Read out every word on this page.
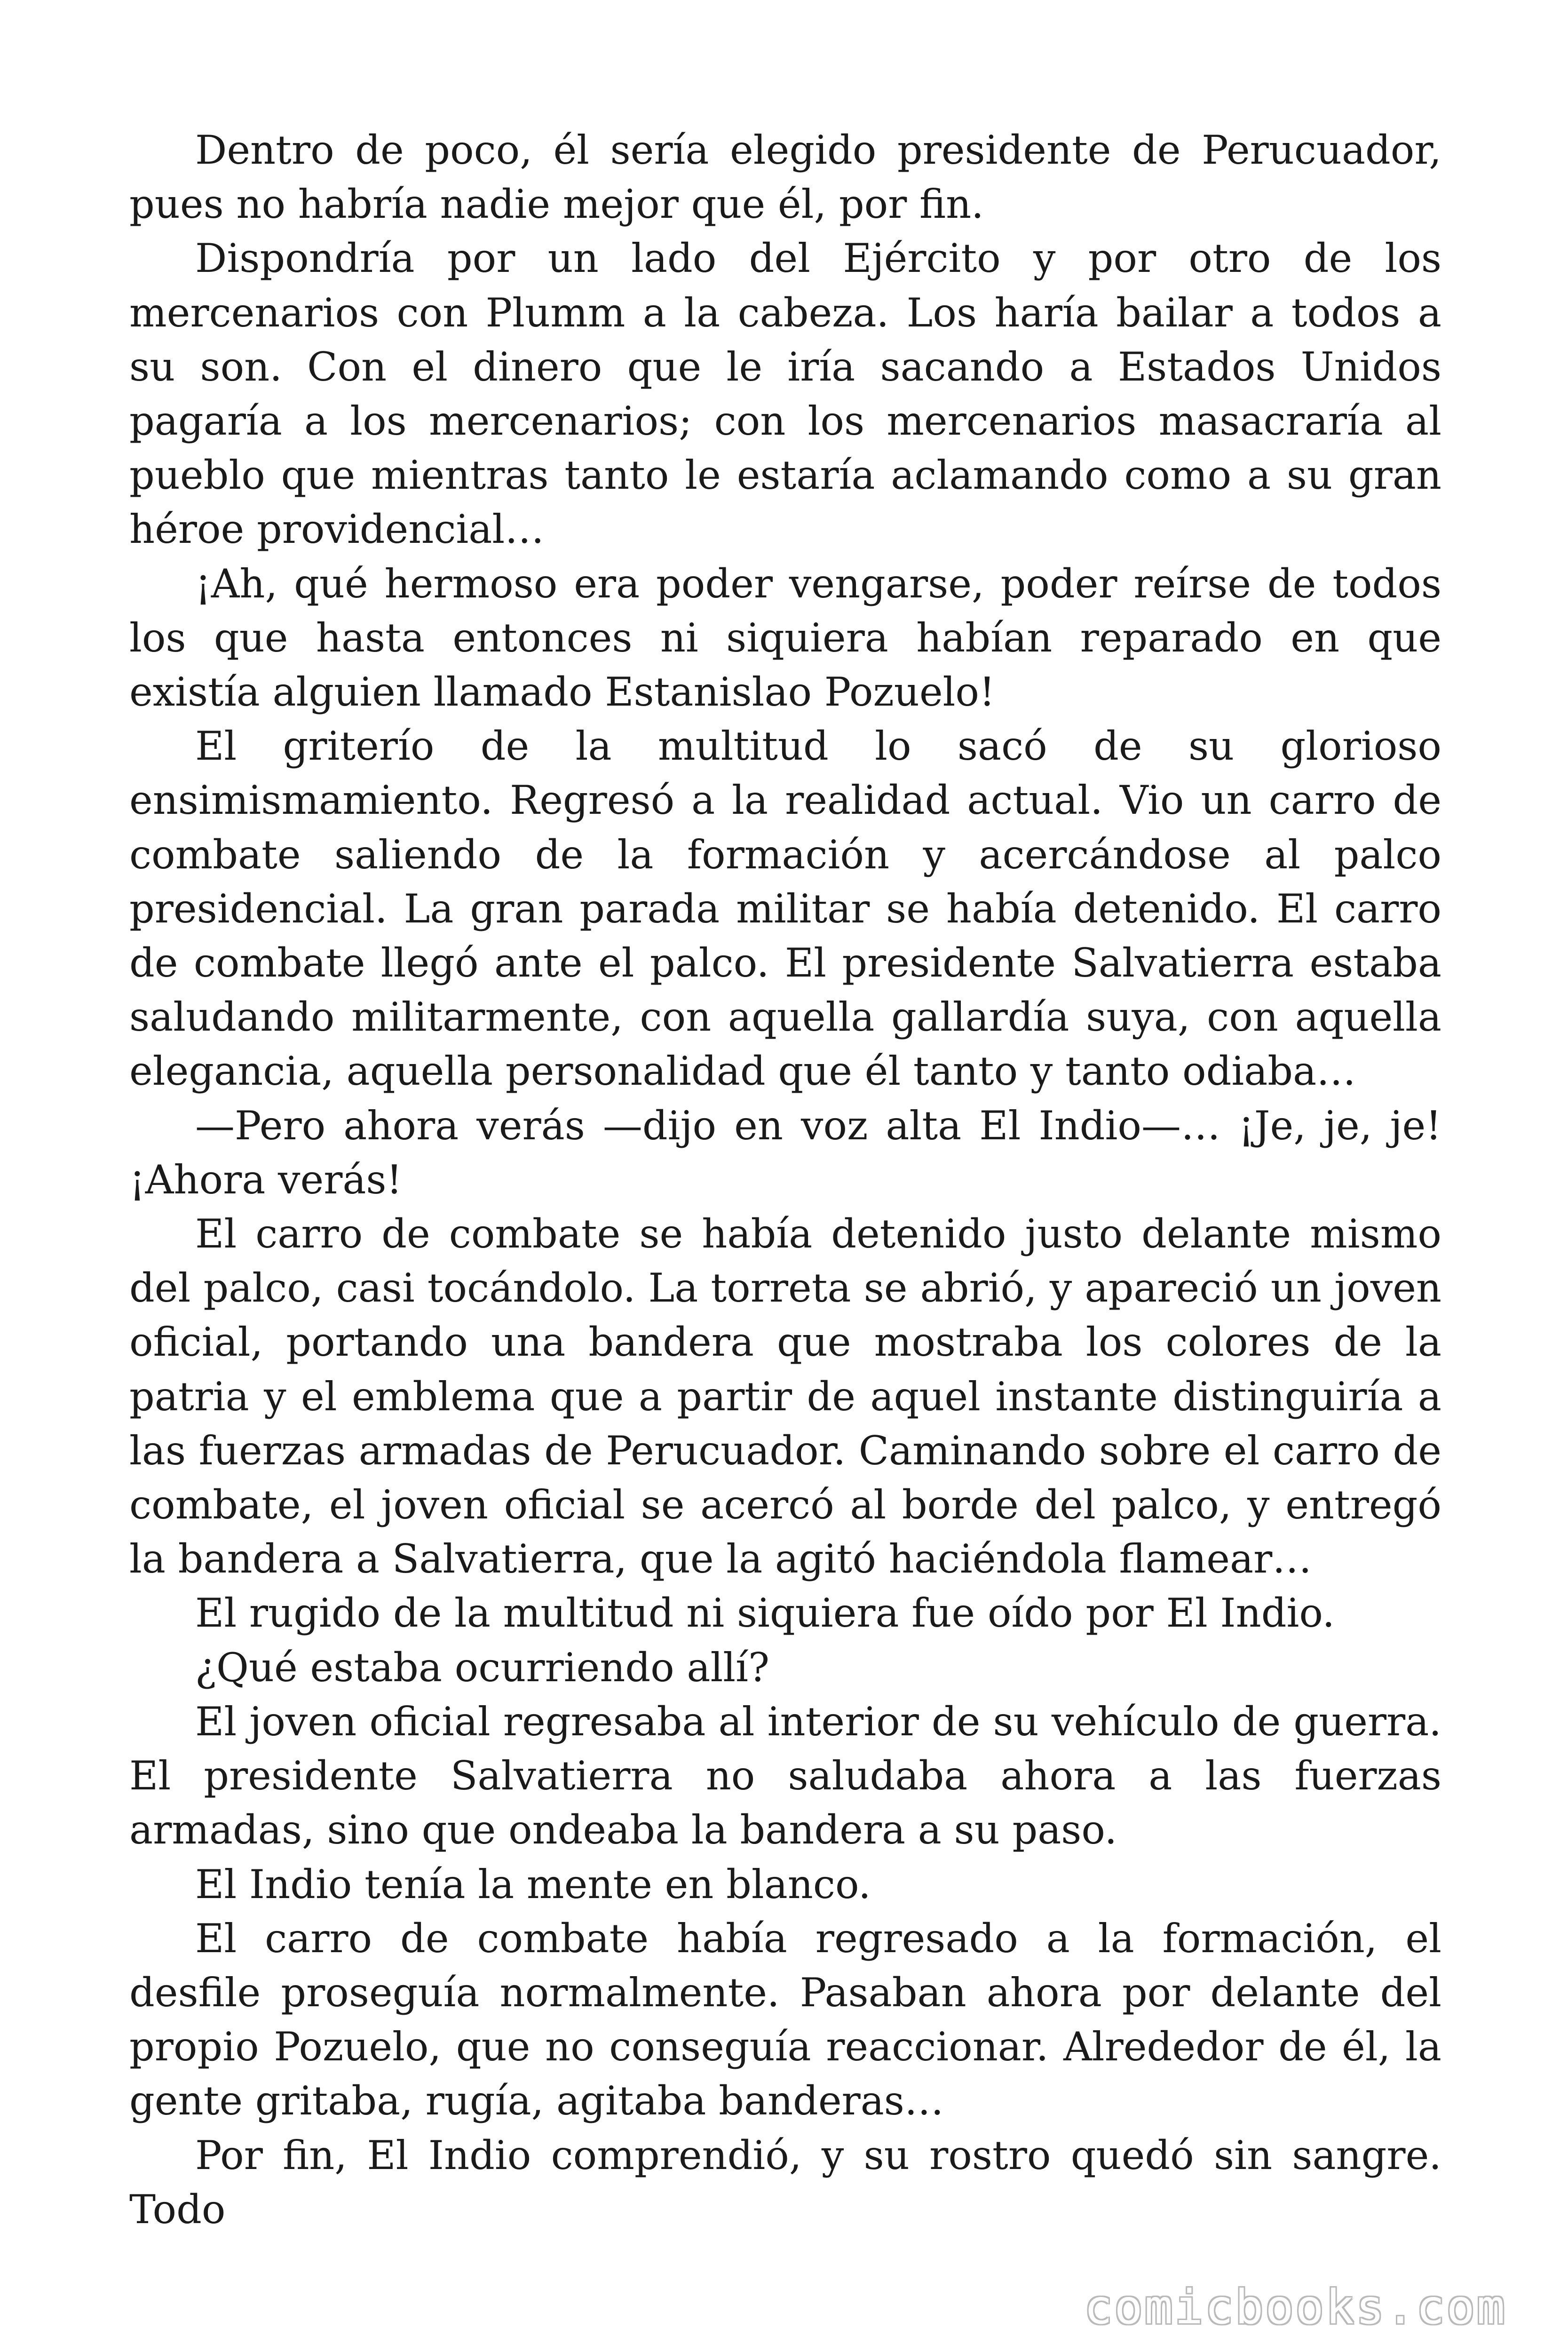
Dentro de poco, él sería elegido presidente de Perucuador, pues no habría nadie mejor que él, por fin.

Dispondría por un lado del Ejército y por otro de los mercenarios con Plumm a la cabeza. Los haría bailar a todos a su son. Con el dinero que le iría sacando a Estados Unidos pagaría a los mercenarios; con los mercenarios masacraría al pueblo que mientras tanto le estaría aclamando como a su gran héroe providencial…

¡Ah, qué hermoso era poder vengarse, poder reírse de todos los que hasta entonces ni siquiera habían reparado en que existía alguien llamado Estanislao Pozuelo!

El griterío de la multitud lo sacó de su glorioso ensimismamiento. Regresó a la realidad actual. Vio un carro de combate saliendo de la formación y acercándose al palco presidencial. La gran parada militar se había detenido. El carro de combate llegó ante el palco. El presidente Salvatierra estaba saludando militarmente, con aquella gallardía suya, con aquella elegancia, aquella personalidad que él tanto y tanto odiaba…

—Pero ahora verás —dijo en voz alta El Indio—… ¡Je, je, je! ¡Ahora verás!

El carro de combate se había detenido justo delante mismo del palco, casi tocándolo. La torreta se abrió, y apareció un joven oficial, portando una bandera que mostraba los colores de la patria y el emblema que a partir de aquel instante distinguiría a las fuerzas armadas de Perucuador. Caminando sobre el carro de combate, el joven oficial se acercó al borde del palco, y entregó la bandera a Salvatierra, que la agitó haciéndola flamear…

El rugido de la multitud ni siquiera fue oído por El Indio.

¿Qué estaba ocurriendo allí?

El joven oficial regresaba al interior de su vehículo de guerra. El presidente Salvatierra no saludaba ahora a las fuerzas armadas, sino que ondeaba la bandera a su paso.

El Indio tenía la mente en blanco.

El carro de combate había regresado a la formación, el desfile proseguía normalmente. Pasaban ahora por delante del propio Pozuelo, que no conseguía reaccionar. Alrededor de él, la gente gritaba, rugía, agitaba banderas…

Por fin, El Indio comprendió, y su rostro quedó sin sangre. Todo

comicbooks.com
